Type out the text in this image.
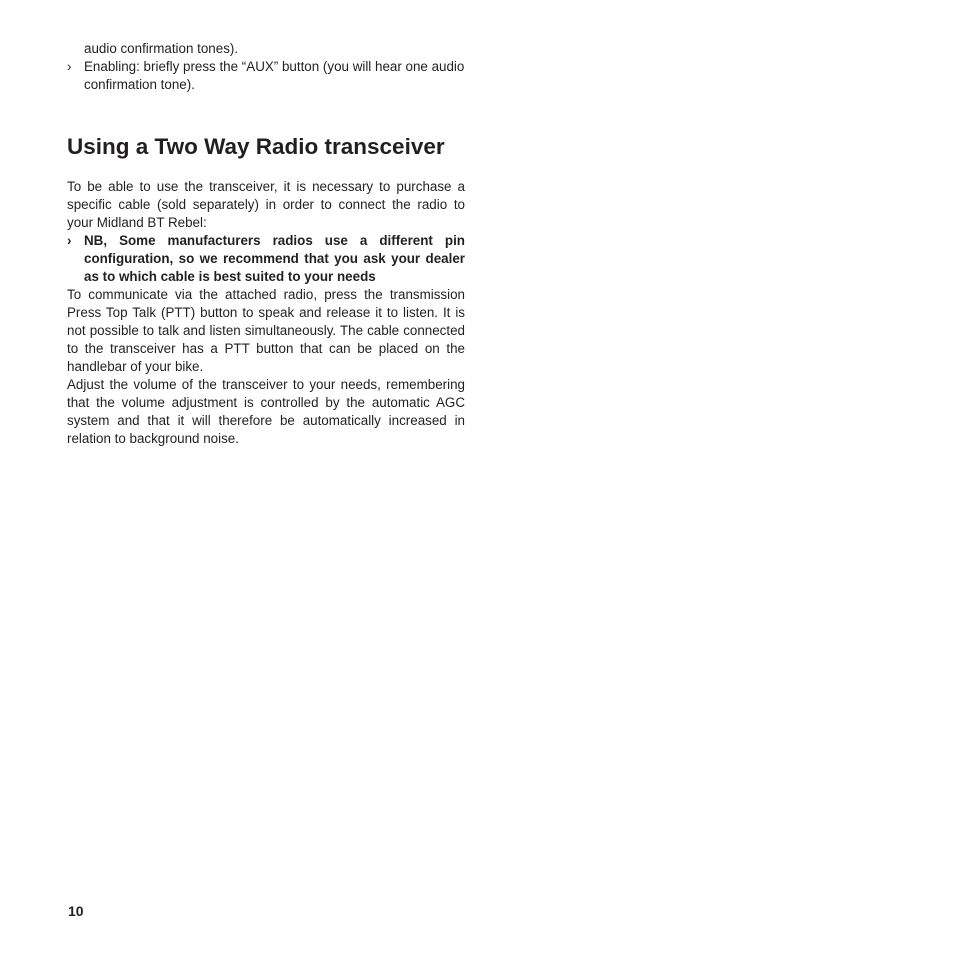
audio confirmation tones).
› Enabling: briefly press the “AUX” button (you will hear one audio confirmation tone).
Using a Two Way Radio transceiver

To be able to use the transceiver, it is necessary to purchase a specific cable (sold separately) in order to connect the radio to your Midland BT Rebel:

› NB, Some manufacturers radios use a different pin configuration, so we recommend that you ask your dealer as to which cable is best suited to your needs

To communicate via the attached radio, press the transmission Press Top Talk (PTT) button to speak and release it to listen. It is not possible to talk and listen simultaneously. The cable connected to the transceiver has a PTT button that can be placed on the handlebar of your bike.

Adjust the volume of the transceiver to your needs, remembering that the volume adjustment is controlled by the automatic AGC system and that it will therefore be automatically increased in relation to background noise.

10
